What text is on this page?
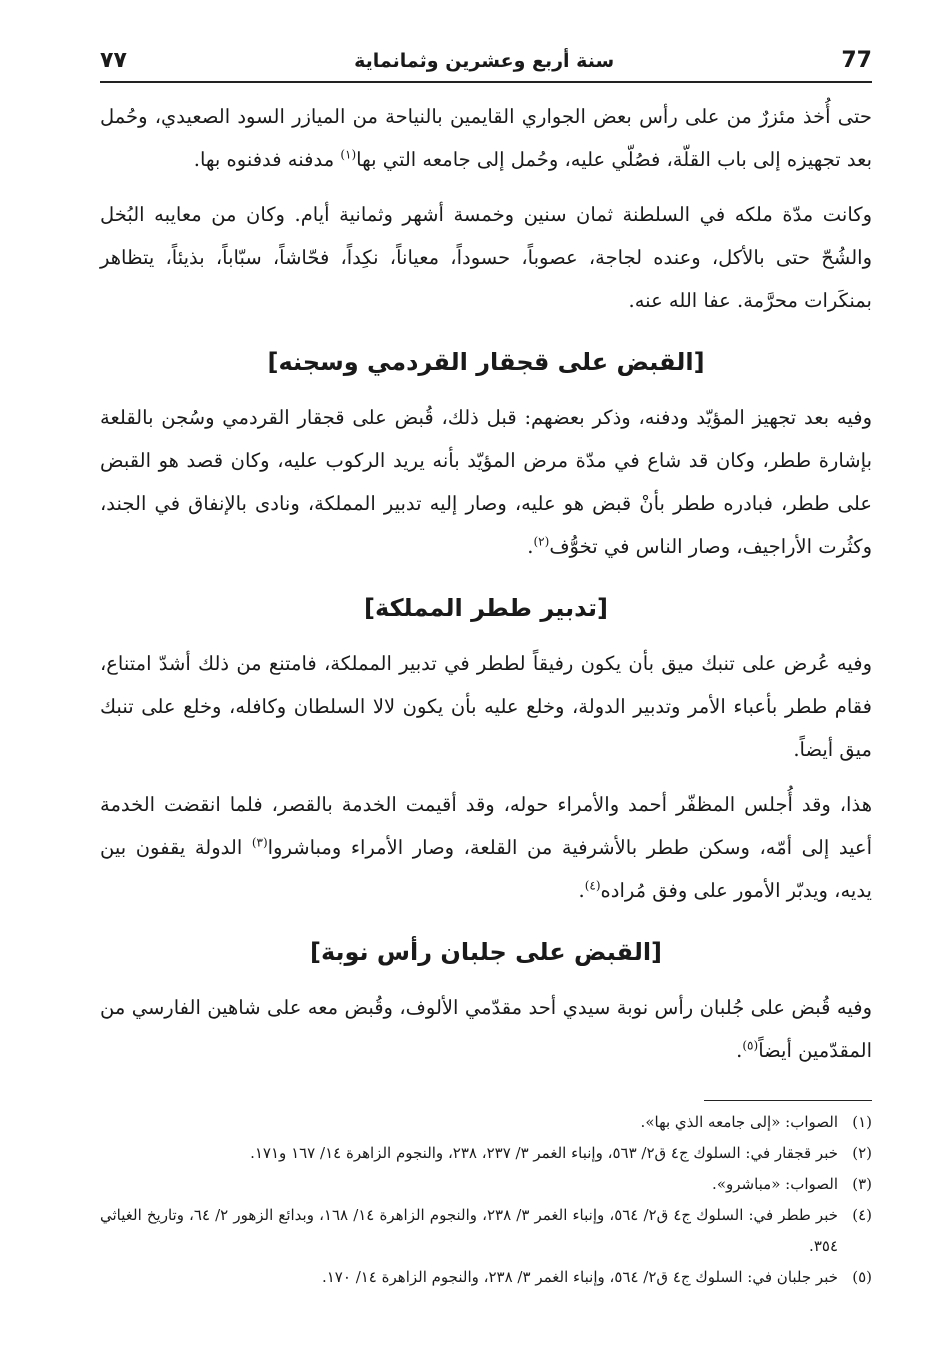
77
سنة أربع وعشرين وثمانماية
٧٧

حتى أُخذ مئزرٌ من على رأس بعض الجواري القايمين بالنياحة من الميازر السود الصعيدي، وحُمل بعد تجهيزه إلى باب القلّة، فصُلّي عليه، وحُمل إلى جامعه التي بها$^{(١)}$ مدفنه فدفنوه بها.

وكانت مدّة ملكه في السلطنة ثمان سنين وخمسة أشهر وثمانية أيام. وكان من معايبه البُخل والشُحّ حتى بالأكل، وعنده لجاجة، عصوباً، حسوداً، معياناً، نكِداً، فحّاشاً، سبّاباً، بذيئاً، يتظاهر بمنكَرات محرَّمة. عفا الله عنه.

[القبض على قجقار القردمي وسجنه]

وفيه بعد تجهيز المؤيّد ودفنه، وذكر بعضهم: قبل ذلك، قُبض على قجقار القردمي وسُجن بالقلعة بإشارة ططر، وكان قد شاع في مدّة مرض المؤيّد بأنه يريد الركوب عليه، وكان قصد هو القبض على ططر، فبادره ططر بأنْ قبض هو عليه، وصار إليه تدبير المملكة، ونادى بالإنفاق في الجند، وكثُرت الأراجيف، وصار الناس في تخوُّف$^{(٢)}$.

[تدبير ططر المملكة]

وفيه عُرض على تنبك ميق بأن يكون رفيقاً لططر في تدبير المملكة، فامتنع من ذلك أشدّ امتناع، فقام ططر بأعباء الأمر وتدبير الدولة، وخلع عليه بأن يكون لالا السلطان وكافله، وخلع على تنبك ميق أيضاً.

هذا، وقد أُجلس المظفّر أحمد والأمراء حوله، وقد أقيمت الخدمة بالقصر، فلما انقضت الخدمة أعيد إلى أمّه، وسكن ططر بالأشرفية من القلعة، وصار الأمراء ومباشروا$^{(٣)}$ الدولة يقفون بين يديه، ويدبّر الأمور على وفق مُراده$^{(٤)}$.

[القبض على جلبان رأس نوبة]

وفيه قُبض على جُلبان رأس نوبة سيدي أحد مقدّمي الألوف، وقُبض معه على شاهين الفارسي من المقدّمين أيضاً$^{(٥)}$.

(١)
الصواب: «إلى جامعه الذي بها».
(٢)
خبر قجقار في: السلوك ج٤ ق٢/ ٥٦٣، وإنباء الغمر ٣/ ٢٣٧، ٢٣٨، والنجوم الزاهرة ١٤/ ١٦٧ و١٧١.
(٣)
الصواب: «مباشرو».
(٤)
خبر ططر في: السلوك ج٤ ق٢/ ٥٦٤، وإنباء الغمر ٣/ ٢٣٨، والنجوم الزاهرة ١٤/ ١٦٨، وبدائع الزهور ٢/ ٦٤، وتاريخ الغياثي ٣٥٤.
(٥)
خبر جلبان في: السلوك ج٤ ق٢/ ٥٦٤، وإنباء الغمر ٣/ ٢٣٨، والنجوم الزاهرة ١٤/ ١٧٠.
